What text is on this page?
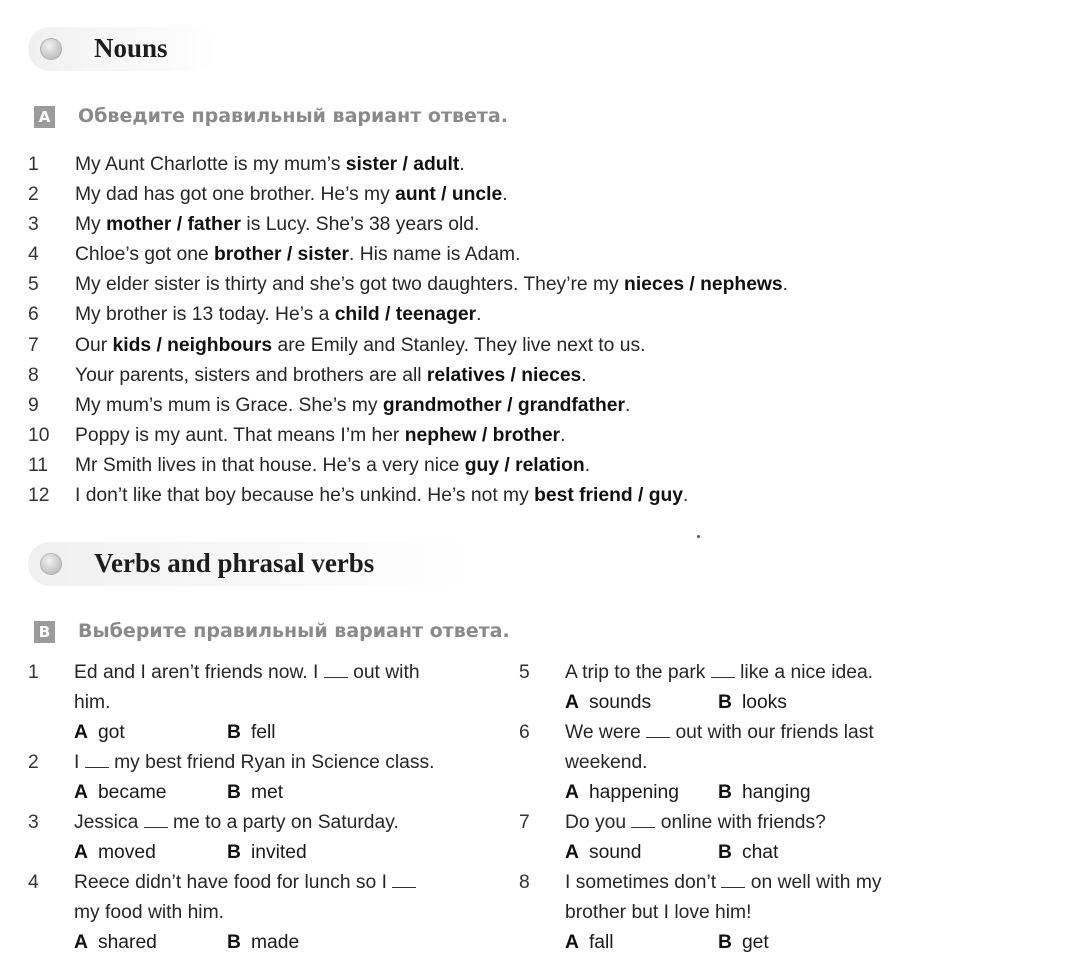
Nouns
A Обведите правильный вариант ответа.
1 My Aunt Charlotte is my mum’s sister / adult.
2 My dad has got one brother. He’s my aunt / uncle.
3 My mother / father is Lucy. She’s 38 years old.
4 Chloe’s got one brother / sister. His name is Adam.
5 My elder sister is thirty and she’s got two daughters. They’re my nieces / nephews.
6 My brother is 13 today. He’s a child / teenager.
7 Our kids / neighbours are Emily and Stanley. They live next to us.
8 Your parents, sisters and brothers are all relatives / nieces.
9 My mum’s mum is Grace. She’s my grandmother / grandfather.
10 Poppy is my aunt. That means I’m her nephew / brother.
11 Mr Smith lives in that house. He’s a very nice guy / relation.
12 I don’t like that boy because he’s unkind. He’s not my best friend / guy.
Verbs and phrasal verbs
B Выберите правильный вариант ответа.
1 Ed and I aren’t friends now. I  out with
him.
A got	B fell
2 I  my best friend Ryan in Science class.
A became	B met
3 Jessica  me to a party on Saturday.
A moved	B invited
4 Reece didn’t have food for lunch so I
my food with him.
A shared	B made
5 A trip to the park  like a nice idea.
A sounds	B looks
6 We were  out with our friends last
weekend.
A happening B hanging
7 Do you  online with friends?
A sound	B chat
8 I sometimes don’t  on well with my
brother but I love him!
A fall	B get
